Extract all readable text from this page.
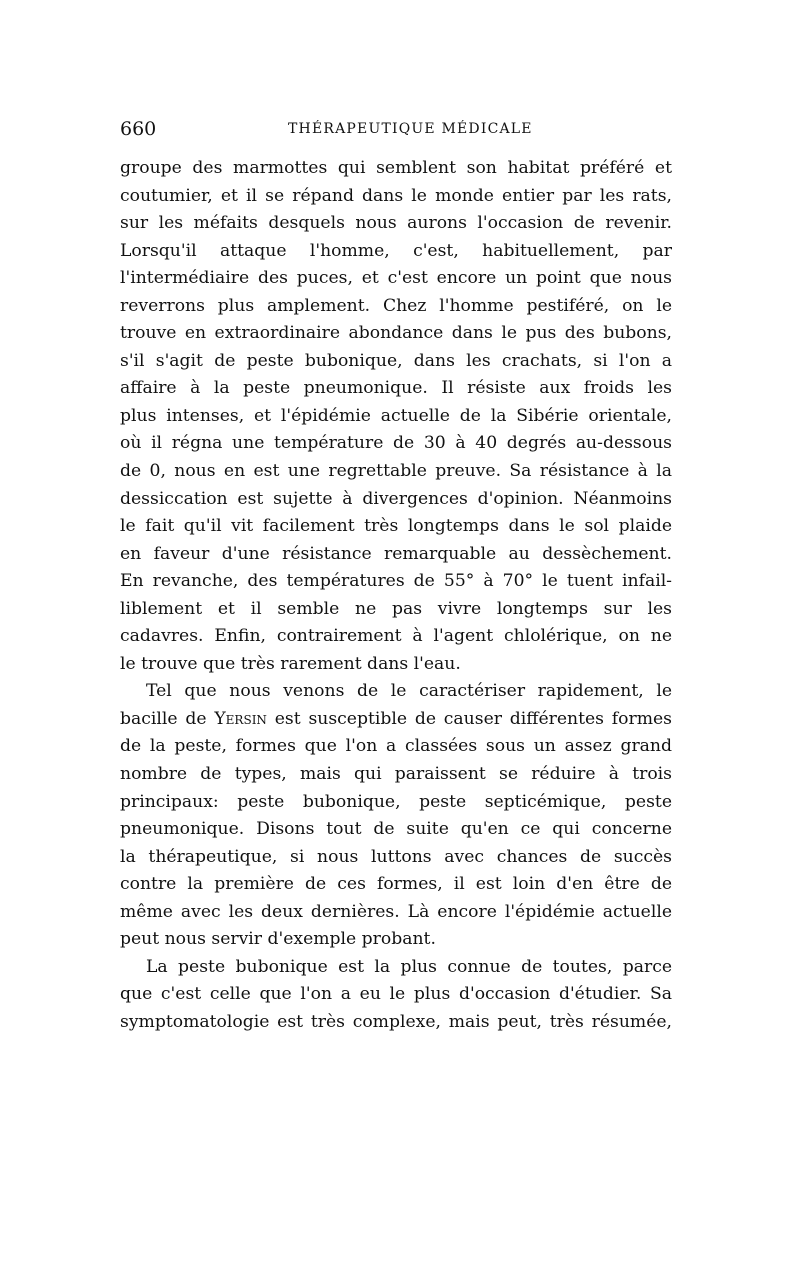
660	THÉRAPEUTIQUE MÉDICALE
groupe des marmottes qui semblent son habitat préféré et
coutumier, et il se répand dans le monde entier par les rats,
sur les méfaits desquels nous aurons l'occasion de revenir.
Lorsqu'il attaque l'homme, c'est, habituellement, par
l'intermédiaire des puces, et c'est encore un point que nous
reverrons plus amplement. Chez l'homme pestiféré, on le
trouve en extraordinaire abondance dans le pus des bubons,
s'il s'agit de peste bubonique, dans les crachats, si l'on a
affaire à la peste pneumonique. Il résiste aux froids les
plus intenses, et l'épidémie actuelle de la Sibérie orientale,
où il régna une température de 30 à 40 degrés au-dessous
de 0, nous en est une regrettable preuve. Sa résistance à la
dessiccation est sujette à divergences d'opinion. Néanmoins
le fait qu'il vit facilement très longtemps dans le sol plaide
en faveur d'une résistance remarquable au dessèchement.
En revanche, des températures de 55° à 70° le tuent infail-
liblement et il semble ne pas vivre longtemps sur les
cadavres. Enfin, contrairement à l'agent chlolérique, on ne
le trouve que très rarement dans l'eau.
Tel que nous venons de le caractériser rapidement, le
bacille de Yersin est susceptible de causer différentes formes
de la peste, formes que l'on a classées sous un assez grand
nombre de types, mais qui paraissent se réduire à trois
principaux: peste bubonique, peste septicémique, peste
pneumonique. Disons tout de suite qu'en ce qui concerne
la thérapeutique, si nous luttons avec chances de succès
contre la première de ces formes, il est loin d'en être de
même avec les deux dernières. Là encore l'épidémie actuelle
peut nous servir d'exemple probant.
La peste bubonique est la plus connue de toutes, parce
que c'est celle que l'on a eu le plus d'occasion d'étudier. Sa
symptomatologie est très complexe, mais peut, très résumée,
